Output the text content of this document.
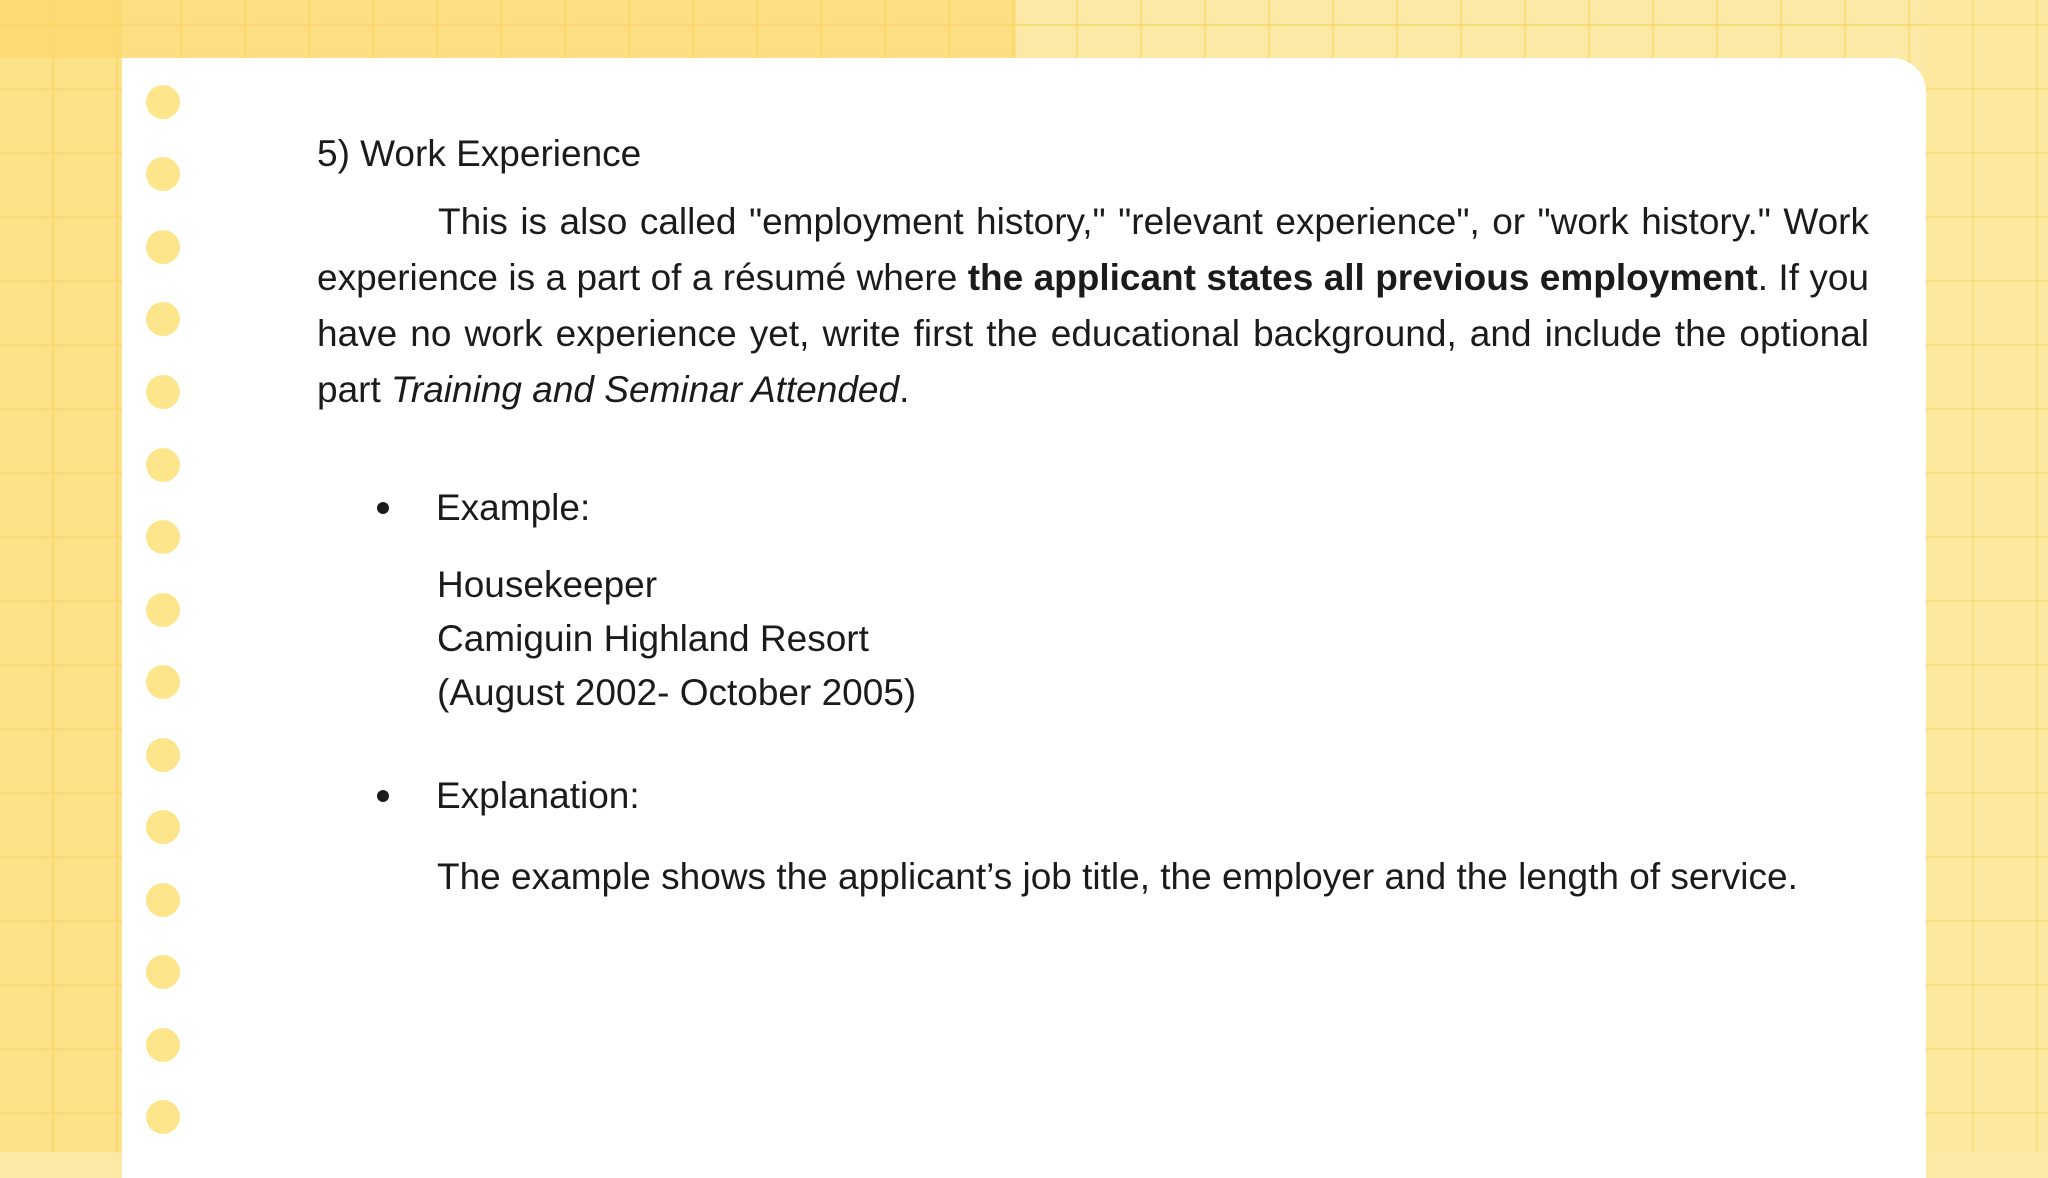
5) Work Experience

This is also called "employment history," "relevant experience", or "work history." Work experience is a part of a résumé where the applicant states all previous employment. If you have no work experience yet, write first the educational background, and include the optional part Training and Seminar Attended.

Example:
Housekeeper
Camiguin Highland Resort
(August 2002- October 2005)
Explanation:
The example shows the applicant’s job title, the employer and the length of service.
